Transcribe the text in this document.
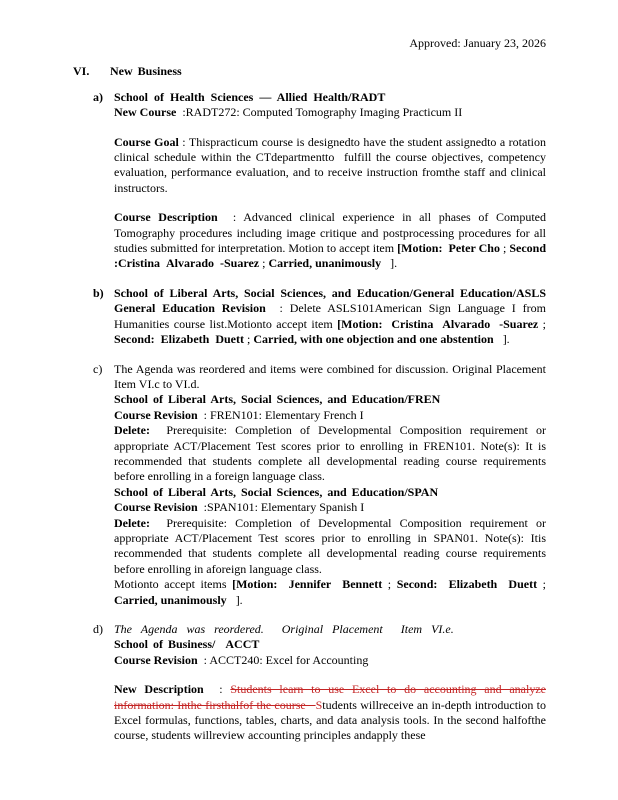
Approved: January 23, 2026
VI.	New Business
a) School of Health Sciences — Allied Health/RADT
New Course  :RADT272: Computed Tomography Imaging Practicum II
Course Goal : Thispracticum course is designedto have the student assignedto a rotation clinical schedule within the CTdepartmentto  fulfill the course objectives, competency evaluation, performance evaluation, and to receive instruction fromthe staff and clinical instructors.
Course Description  : Advanced clinical experience in all phases of Computed Tomography procedures including image critique and postprocessing procedures for all studies submitted for interpretation. Motion to accept item [Motion:  Peter Cho ; Second :Cristina  Alvarado  -Suarez ; Carried, unanimously   ].
b) School of Liberal Arts, Social Sciences, and Education/General Education/ASLS
General Education Revision  : Delete ASLS101American Sign Language I from Humanities course list.Motionto accept item [Motion:  Cristina  Alvarado  -Suarez ; Second:  Elizabeth  Duett ; Carried, with one objection and one abstention   ].
c) The Agenda was reordered and items were combined for discussion. Original Placement Item VI.c to VI.d.
School of Liberal Arts, Social Sciences, and Education/FREN
Course Revision  : FREN101: Elementary French I
Delete:  Prerequisite: Completion of Developmental Composition requirement or appropriate ACT/Placement Test scores prior to enrolling in FREN101. Note(s): It is recommended that students complete all developmental reading course requirements before enrolling in a foreign language class.
School of Liberal Arts, Social Sciences, and Education/SPAN
Course Revision  :SPAN101: Elementary Spanish I
Delete:  Prerequisite: Completion of Developmental Composition requirement or appropriate ACT/Placement Test scores prior to enrolling in SPAN01. Note(s): Itis recommended that students complete all developmental reading course requirements before enrolling in aforeign language class.
Motionto accept items [Motion:  Jennifer  Bennett ; Second:  Elizabeth  Duett ; Carried, unanimously   ].
d) The Agenda was reordered.  Original Placement  Item VI.e.
School of Business/  ACCT
Course Revision  : ACCT240: Excel for Accounting
New Description  : Students learn to use Excel to do accounting and analyze information: Inthe firsthalfof the course   Students willreceive an in-depth introduction to Excel formulas, functions, tables, charts, and data analysis tools. In the second halfofthe course, students willreview accounting principles andapply these
